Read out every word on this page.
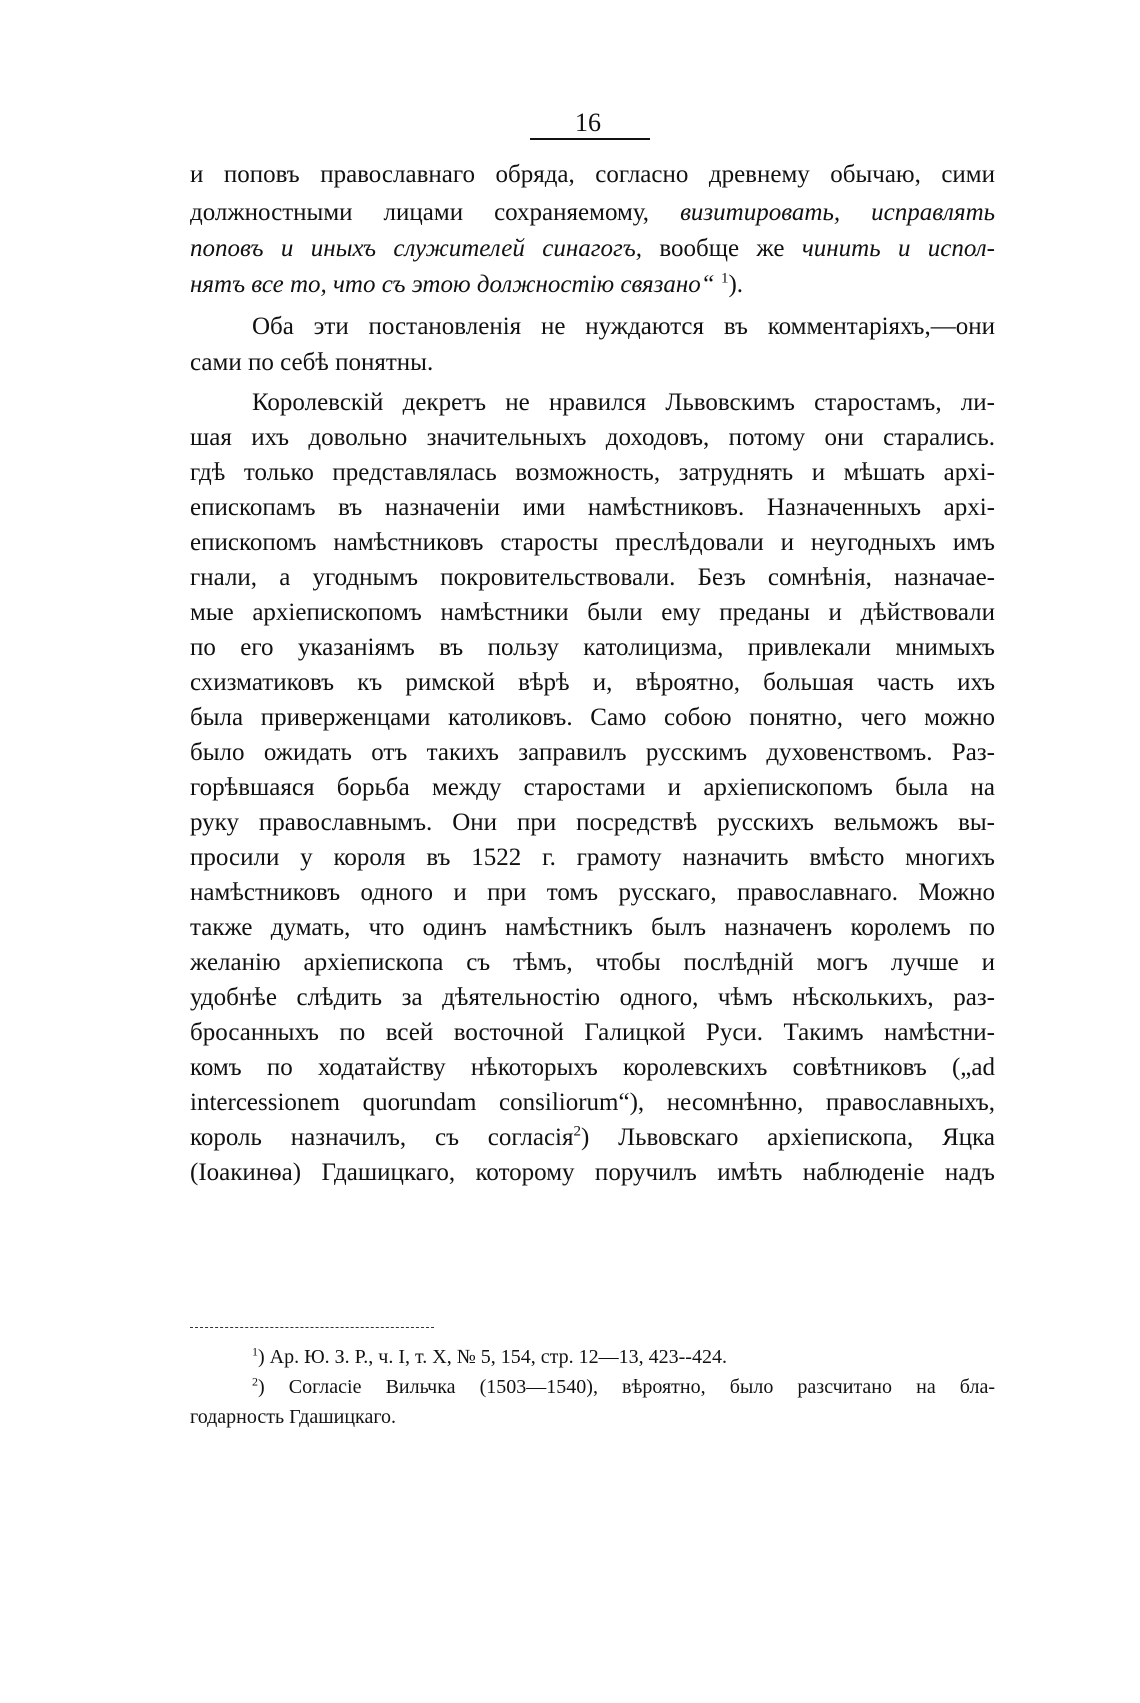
16
и поповъ православнаго обряда, согласно древнему обычаю, сими
должностными лицами сохраняемому, визитировать, исправлять
поповъ и иныхъ служителей синагогъ, вообще же чинить и испол-
нятъ все то, что съ этою должностію связано“ $^1$).
Оба эти постановленія не нуждаются въ комментаріяхъ,—они
сами по себѣ понятны.
Королевскій декретъ не нравился Львовскимъ старостамъ, ли-
шая ихъ довольно значительныхъ доходовъ, потому они старались.
гдѣ только представлялась возможность, затруднять и мѣшать архі-
епископамъ въ назначеніи ими намѣстниковъ. Назначенныхъ архі-
епископомъ намѣстниковъ старосты преслѣдовали и неугодныхъ имъ
гнали, а угоднымъ покровительствовали. Безъ сомнѣнія, назначае-
мые архіепископомъ намѣстники были ему преданы и дѣйствовали
по его указаніямъ въ пользу католицизма, привлекали мнимыхъ
схизматиковъ къ римской вѣрѣ и, вѣроятно, большая часть ихъ
была приверженцами католиковъ. Само собою понятно, чего можно
было ожидать отъ такихъ заправилъ русскимъ духовенствомъ. Раз-
горѣвшаяся борьба между старостами и архіепископомъ была на
руку православнымъ. Они при посредствѣ русскихъ вельможъ вы-
просили у короля въ 1522 г. грамоту назначить вмѣсто многихъ
намѣстниковъ одного и при томъ русскаго, православнаго. Можно
также думать, что одинъ намѣстникъ былъ назначенъ королемъ по
желанію архіепископа съ тѣмъ, чтобы послѣдній могъ лучше и
удобнѣе слѣдить за дѣятельностію одного, чѣмъ нѣсколькихъ, раз-
бросанныхъ по всей восточной Галицкой Руси. Такимъ намѣстни-
комъ по ходатайству нѣкоторыхъ королевскихъ совѣтниковъ („ad
intercessionem quorundam consiliorum“), несомнѣнно, православныхъ,
король назначилъ, съ согласія$^2$) Львовскаго архіепископа, Яцка
(Іоакинѳа) Гдашицкаго, которому поручилъ имѣть наблюденіе надъ
$^1$) Ар. Ю. З. Р., ч. I, т. X, № 5, 154, стр. 12—13, 423--424.
$^2$) Согласіе Вильчка (1503—1540), вѣроятно, было разсчитано на бла-
годарность Гдашицкаго.
